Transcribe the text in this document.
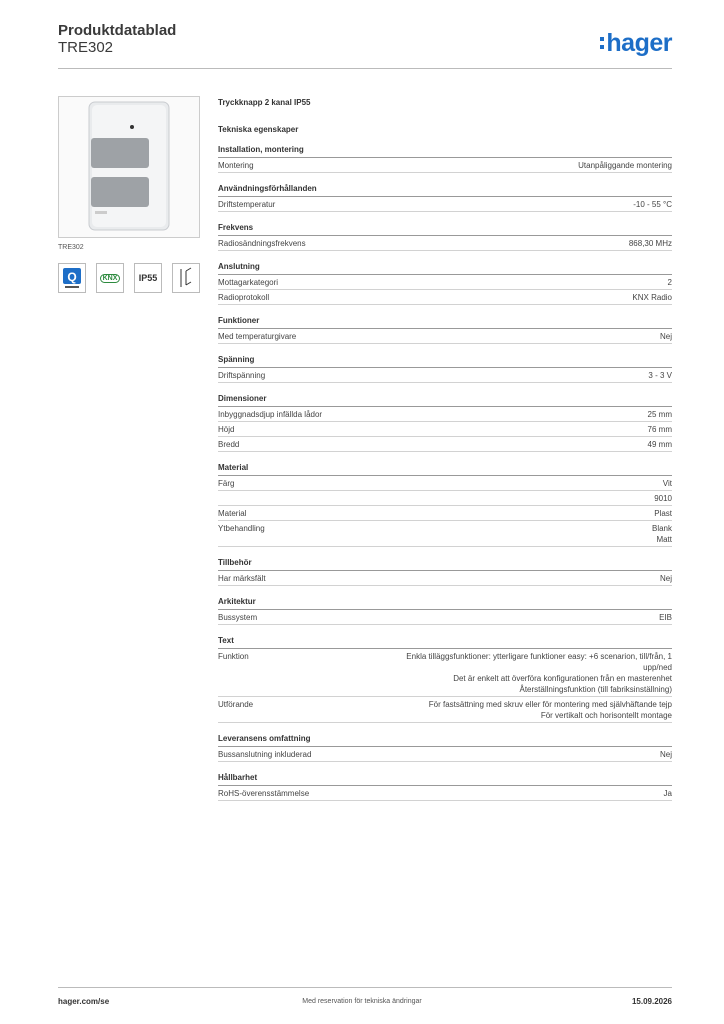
Produktdatablad
TRE302	hager
TRE302
Q	KNX	IP55
Tryckknapp 2 kanal IP55
Tekniska egenskaper
Installation, montering
Montering	Utanpåliggande montering
Användningsförhållanden
Driftstemperatur	-10 - 55 °C
Frekvens
Radiosändningsfrekvens	868,30 MHz
Anslutning
Mottagarkategori	2
Radioprotokoll	KNX Radio
Funktioner
Med temperaturgivare	Nej
Spänning
Driftspänning	3 - 3 V
Dimensioner
Inbyggnadsdjup infällda lådor	25 mm
Höjd	76 mm
Bredd	49 mm
Material
Färg	Vit
9010
Material	Plast
Ytbehandling	Blank
Matt
Tillbehör
Har märksfält	Nej
Arkitektur
Bussystem	EIB
Text
Funktion	Enkla tilläggsfunktioner: ytterligare funktioner easy: +6 scenarion, till/från, 1
upp/ned
Det är enkelt att överföra konfigurationen från en masterenhet
Återställningsfunktion (till fabriksinställning)
Utförande	För fastsättning med skruv eller för montering med självhäftande tejp
För vertikalt och horisontellt montage
Leveransens omfattning
Bussanslutning inkluderad	Nej
Hållbarhet
RoHS-överensstämmelse	Ja
hager.com/se	Med reservation för tekniska ändringar	15.09.2026
